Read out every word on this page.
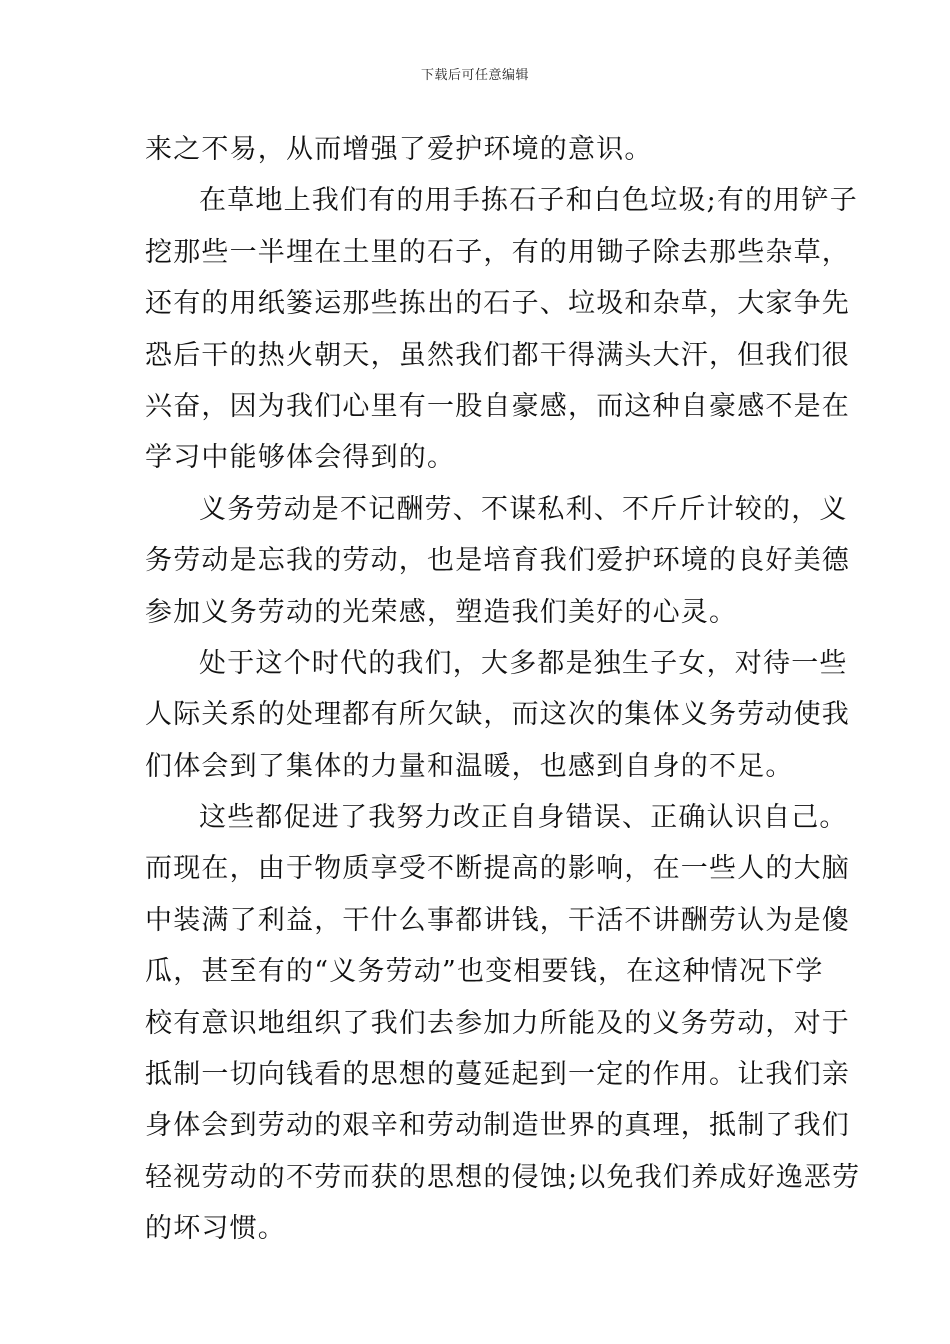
下载后可任意编辑
来之不易，从而增强了爱护环境的意识。
在草地上我们有的用手拣石子和白色垃圾;有的用铲子
挖那些一半埋在土里的石子，有的用锄子除去那些杂草，
还有的用纸篓运那些拣出的石子、垃圾和杂草，大家争先
恐后干的热火朝天，虽然我们都干得满头大汗，但我们很
兴奋，因为我们心里有一股自豪感，而这种自豪感不是在
学习中能够体会得到的。
义务劳动是不记酬劳、不谋私利、不斤斤计较的，义
务劳动是忘我的劳动，也是培育我们爱护环境的良好美德
参加义务劳动的光荣感，塑造我们美好的心灵。
处于这个时代的我们，大多都是独生子女，对待一些
人际关系的处理都有所欠缺，而这次的集体义务劳动使我
们体会到了集体的力量和温暖，也感到自身的不足。
这些都促进了我努力改正自身错误、正确认识自己。
而现在，由于物质享受不断提高的影响，在一些人的大脑
中装满了利益，干什么事都讲钱，干活不讲酬劳认为是傻
瓜，甚至有的“义务劳动”也变相要钱，在这种情况下学
校有意识地组织了我们去参加力所能及的义务劳动，对于
抵制一切向钱看的思想的蔓延起到一定的作用。让我们亲
身体会到劳动的艰辛和劳动制造世界的真理，抵制了我们
轻视劳动的不劳而获的思想的侵蚀;以免我们养成好逸恶劳
的坏习惯。
